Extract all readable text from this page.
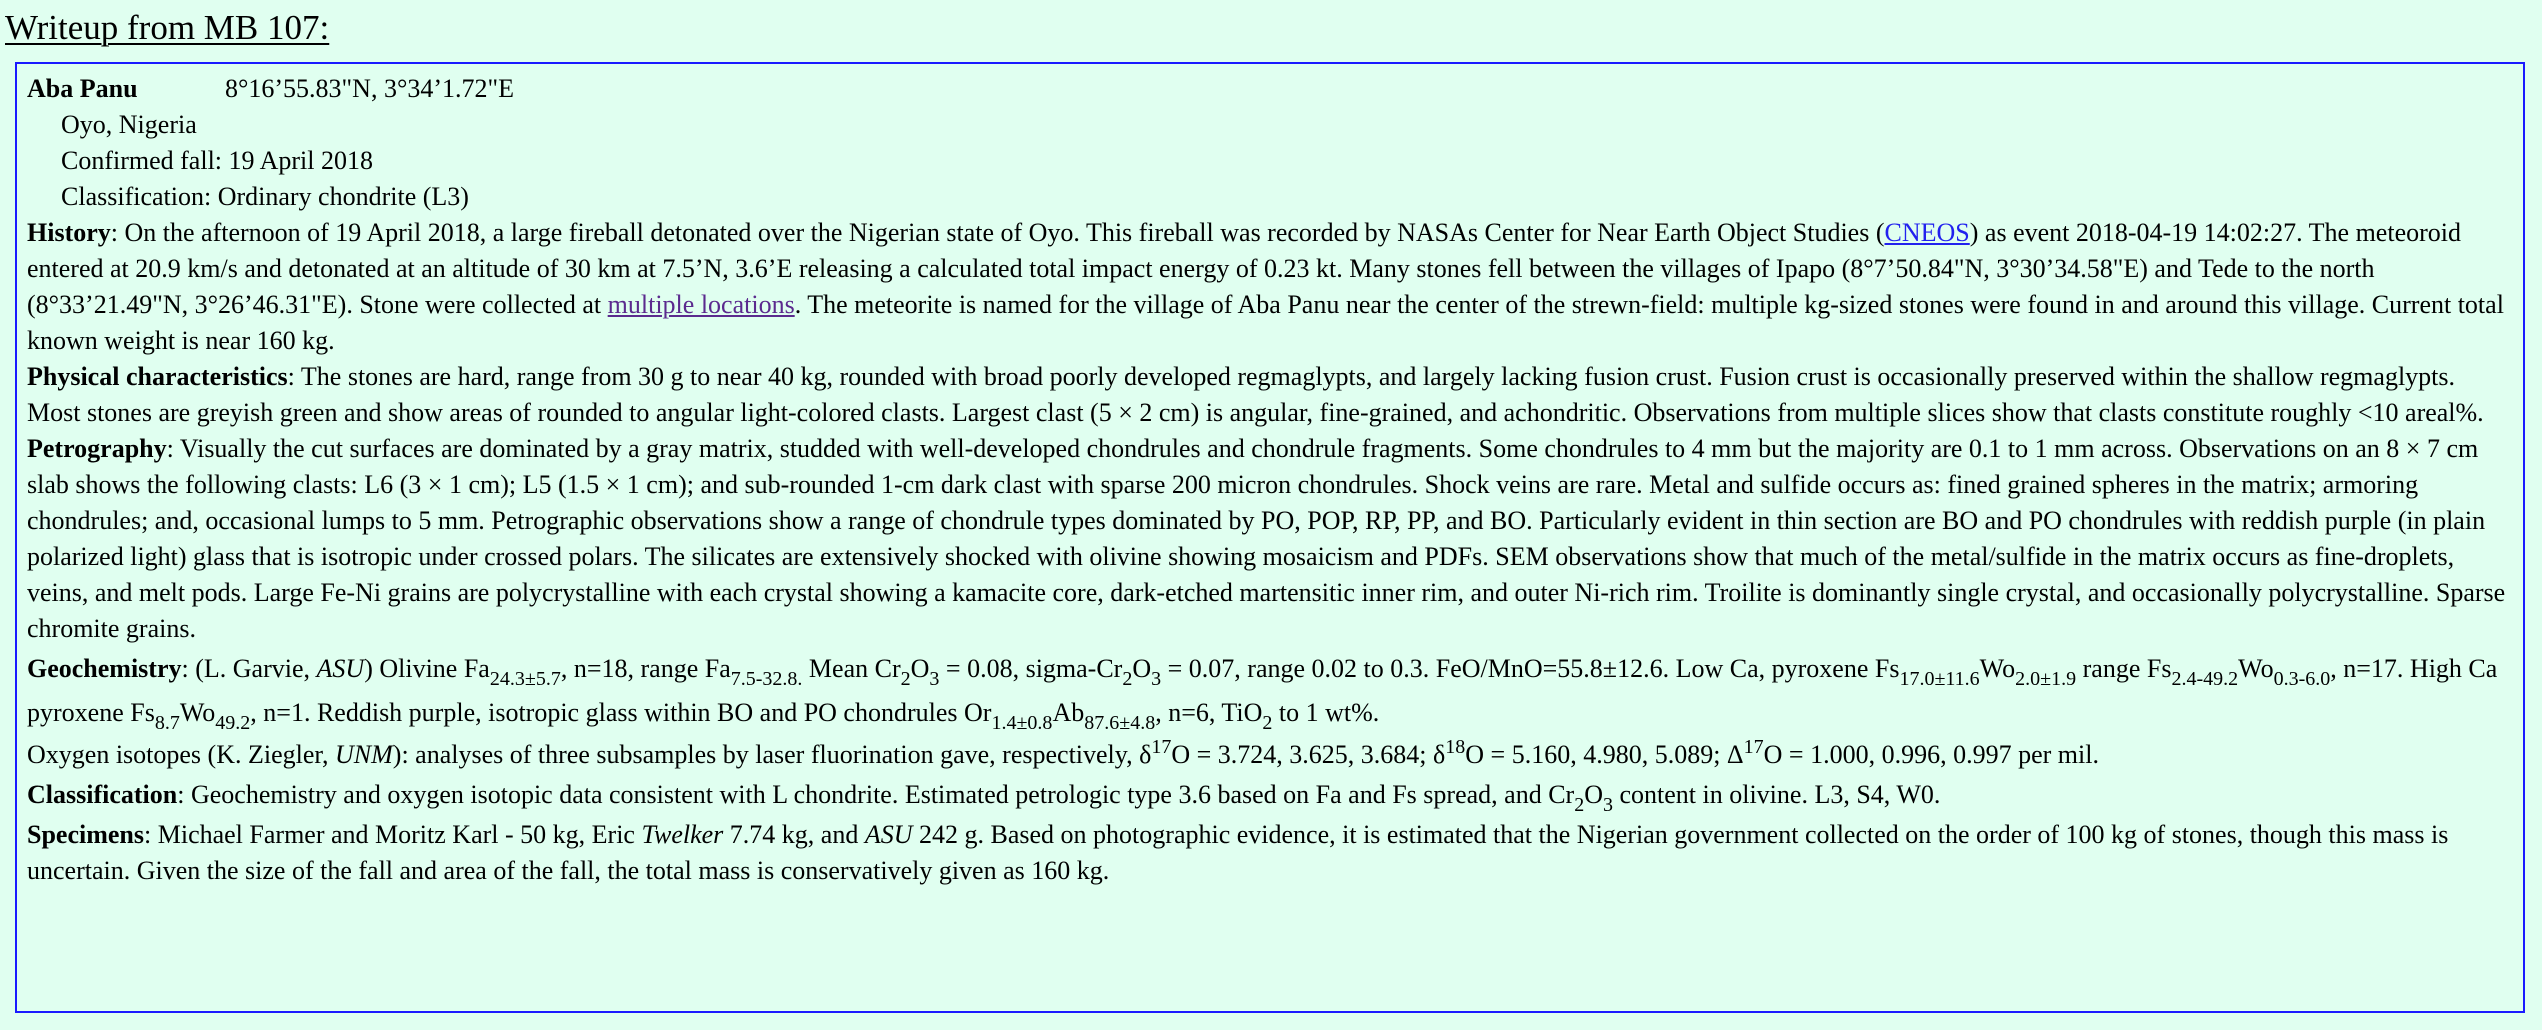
Writeup from MB 107:
Aba Panu	8°16’55.83"N, 3°34’1.72"E
Oyo, Nigeria
Confirmed fall: 19 April 2018
Classification: Ordinary chondrite (L3)

History: On the afternoon of 19 April 2018, a large fireball detonated over the Nigerian state of Oyo. This fireball was recorded by NASAs Center for Near Earth Object Studies (CNEOS) as event 2018-04-19 14:02:27. The meteoroid entered at 20.9 km/s and detonated at an altitude of 30 km at 7.5’N, 3.6’E releasing a calculated total impact energy of 0.23 kt. Many stones fell between the villages of Ipapo (8°7’50.84"N, 3°30’34.58"E) and Tede to the north (8°33’21.49"N, 3°26’46.31"E). Stone were collected at multiple locations. The meteorite is named for the village of Aba Panu near the center of the strewn-field: multiple kg-sized stones were found in and around this village. Current total known weight is near 160 kg.

Physical characteristics: The stones are hard, range from 30 g to near 40 kg, rounded with broad poorly developed regmaglypts, and largely lacking fusion crust. Fusion crust is occasionally preserved within the shallow regmaglypts. Most stones are greyish green and show areas of rounded to angular light-colored clasts. Largest clast (5 × 2 cm) is angular, fine-grained, and achondritic. Observations from multiple slices show that clasts constitute roughly <10 areal%.

Petrography: Visually the cut surfaces are dominated by a gray matrix, studded with well-developed chondrules and chondrule fragments. Some chondrules to 4 mm but the majority are 0.1 to 1 mm across. Observations on an 8 × 7 cm slab shows the following clasts: L6 (3 × 1 cm); L5 (1.5 × 1 cm); and sub-rounded 1-cm dark clast with sparse 200 micron chondrules. Shock veins are rare. Metal and sulfide occurs as: fined grained spheres in the matrix; armoring chondrules; and, occasional lumps to 5 mm. Petrographic observations show a range of chondrule types dominated by PO, POP, RP, PP, and BO. Particularly evident in thin section are BO and PO chondrules with reddish purple (in plain polarized light) glass that is isotropic under crossed polars. The silicates are extensively shocked with olivine showing mosaicism and PDFs. SEM observations show that much of the metal/sulfide in the matrix occurs as fine-droplets, veins, and melt pods. Large Fe-Ni grains are polycrystalline with each crystal showing a kamacite core, dark-etched martensitic inner rim, and outer Ni-rich rim. Troilite is dominantly single crystal, and occasionally polycrystalline. Sparse chromite grains.

Geochemistry: (L. Garvie, ASU) Olivine $Fa_{24.3\pm 5.7}$, n=18, range $Fa_{7.5-32.8.}$ Mean $Cr_2O_3 = 0.08$, sigma-$Cr_2O_3 = 0.07$, range 0.02 to 0.3. FeO/MnO=55.8±12.6. Low Ca, pyroxene $Fs_{17.0\pm 11.6}Wo_{2.0\pm 1.9}$ range $Fs_{2.4-49.2}Wo_{0.3-6.0}$, n=17. High Ca pyroxene $Fs_{8.7}Wo_{49.2}$, n=1. Reddish purple, isotropic glass within BO and PO chondrules $Or_{1.4\pm 0.8}Ab_{87.6\pm 4.8}$, n=6, TiO$_2$ to 1 wt%.

Oxygen isotopes (K. Ziegler, UNM): analyses of three subsamples by laser fluorination gave, respectively, $\delta^{17}O = 3.724$, 3.625, 3.684; $\delta^{18}O = 5.160$, 4.980, 5.089; $\Delta^{17}O = 1.000$, 0.996, 0.997 per mil.

Classification: Geochemistry and oxygen isotopic data consistent with L chondrite. Estimated petrologic type 3.6 based on Fa and Fs spread, and $Cr_2O_3$ content in olivine. L3, S4, W0.

Specimens: Michael Farmer and Moritz Karl - 50 kg, Eric Twelker 7.74 kg, and ASU 242 g. Based on photographic evidence, it is estimated that the Nigerian government collected on the order of 100 kg of stones, though this mass is uncertain. Given the size of the fall and area of the fall, the total mass is conservatively given as 160 kg.
